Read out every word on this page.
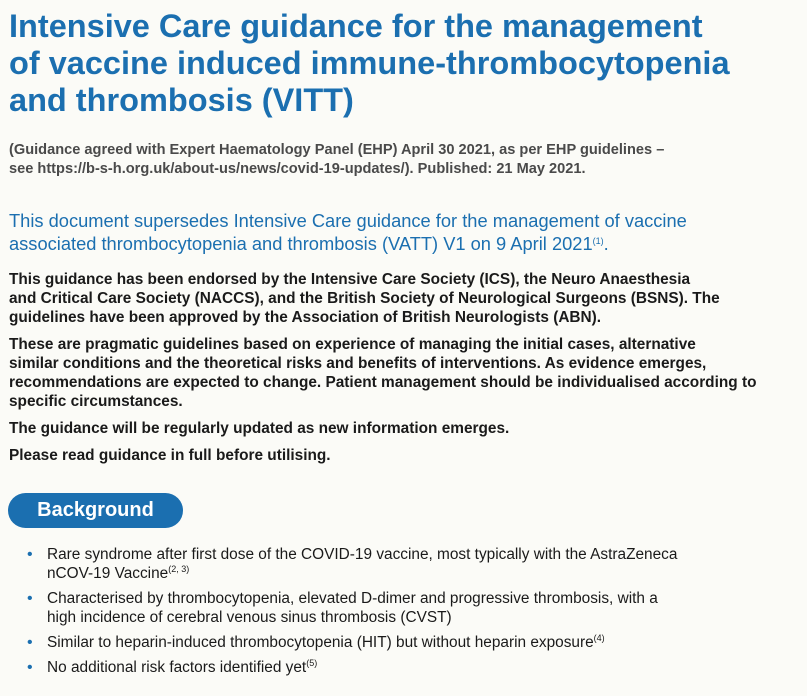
Intensive Care guidance for the management
of vaccine induced immune-thrombocytopenia
and thrombosis (VITT)

(Guidance agreed with Expert Haematology Panel (EHP) April 30 2021, as per EHP guidelines –
see https://b-s-h.org.uk/about-us/news/covid-19-updates/). Published: 21 May 2021.

This document supersedes Intensive Care guidance for the management of vaccine
associated thrombocytopenia and thrombosis (VATT) V1 on 9 April 2021$^{(1)}$.

This guidance has been endorsed by the Intensive Care Society (ICS), the Neuro Anaesthesia
and Critical Care Society (NACCS), and the British Society of Neurological Surgeons (BSNS). The
guidelines have been approved by the Association of British Neurologists (ABN).

These are pragmatic guidelines based on experience of managing the initial cases, alternative
similar conditions and the theoretical risks and benefits of interventions. As evidence emerges,
recommendations are expected to change. Patient management should be individualised according to
specific circumstances.

The guidance will be regularly updated as new information emerges.

Please read guidance in full before utilising.

Background
• Rare syndrome after first dose of the COVID-19 vaccine, most typically with the AstraZeneca
nCOV-19 Vaccine$^{(2, 3)}$
• Characterised by thrombocytopenia, elevated D-dimer and progressive thrombosis, with a
high incidence of cerebral venous sinus thrombosis (CVST)
• Similar to heparin-induced thrombocytopenia (HIT) but without heparin exposure$^{(4)}$
• No additional risk factors identified yet$^{(5)}$
